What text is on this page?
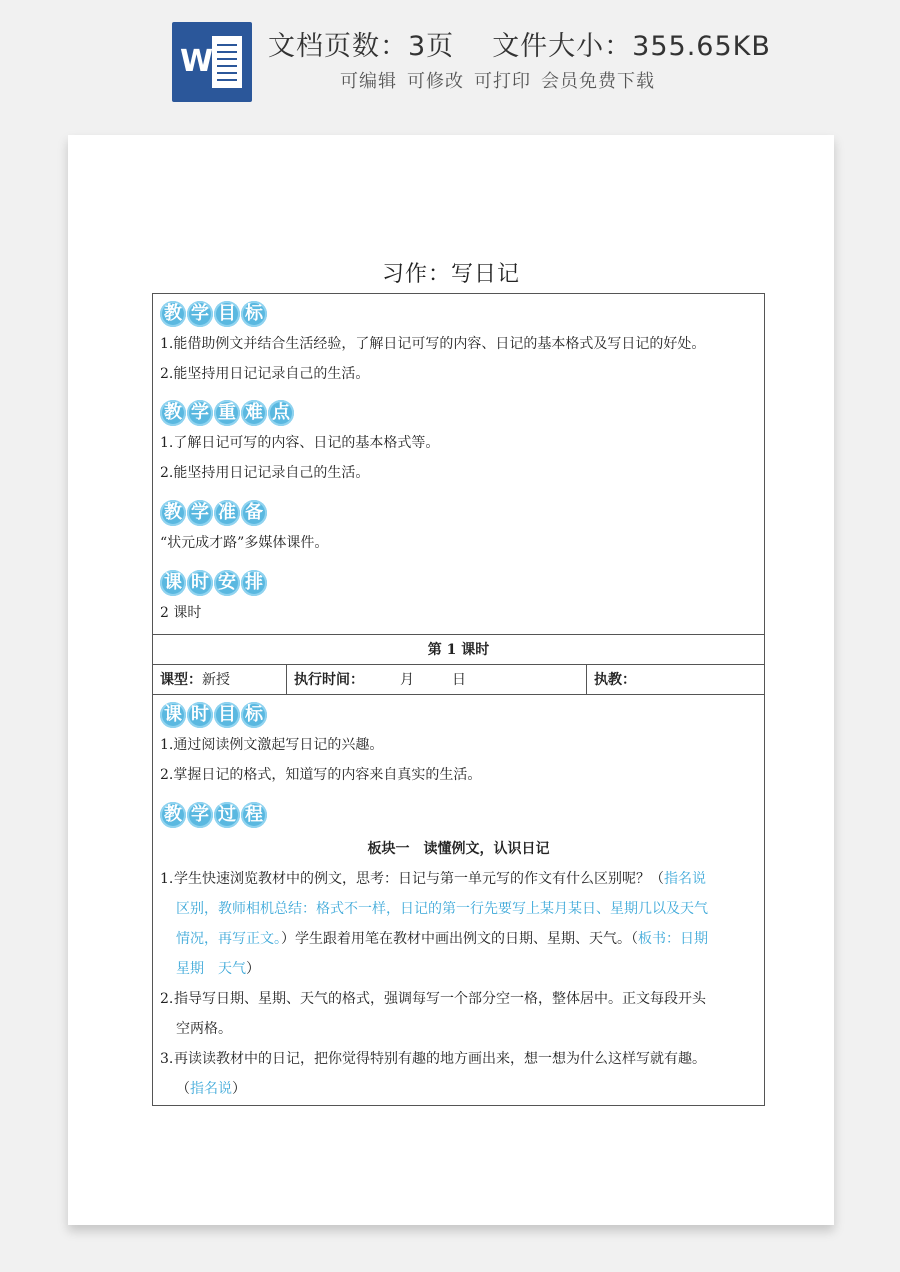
W	文档页数：3页 文件大小：355.65KB
可编辑 可修改 可打印 会员免费下载
习作：写日记
教 学 目 标
1.能借助例文并结合生活经验，了解日记可写的内容、日记的基本格式及写日记的好处。
2.能坚持用日记记录自己的生活。
教 学 重 难 点
1.了解日记可写的内容、日记的基本格式等。
2.能坚持用日记记录自己的生活。
教 学 准 备
“状元成才路”多媒体课件。
课 时 安 排
2 课时
第 1 课时
课型：新授	执行时间：	月	日	执教：
课 时 目 标
1.通过阅读例文激起写日记的兴趣。
2.掌握日记的格式，知道写的内容来自真实的生活。
教 学 过 程
板块一　读懂例文，认识日记
1.学生快速浏览教材中的例文，思考：日记与第一单元写的作文有什么区别呢？（指名说
区别，教师相机总结：格式不一样，日记的第一行先要写上某月某日、星期几以及天气
情况，再写正文。）学生跟着用笔在教材中画出例文的日期、星期、天气。（板书：日期
星期　天气）
2.指导写日期、星期、天气的格式，强调每写一个部分空一格，整体居中。正文每段开头
空两格。
3.再读读教材中的日记，把你觉得特别有趣的地方画出来，想一想为什么这样写就有趣。
（指名说）
